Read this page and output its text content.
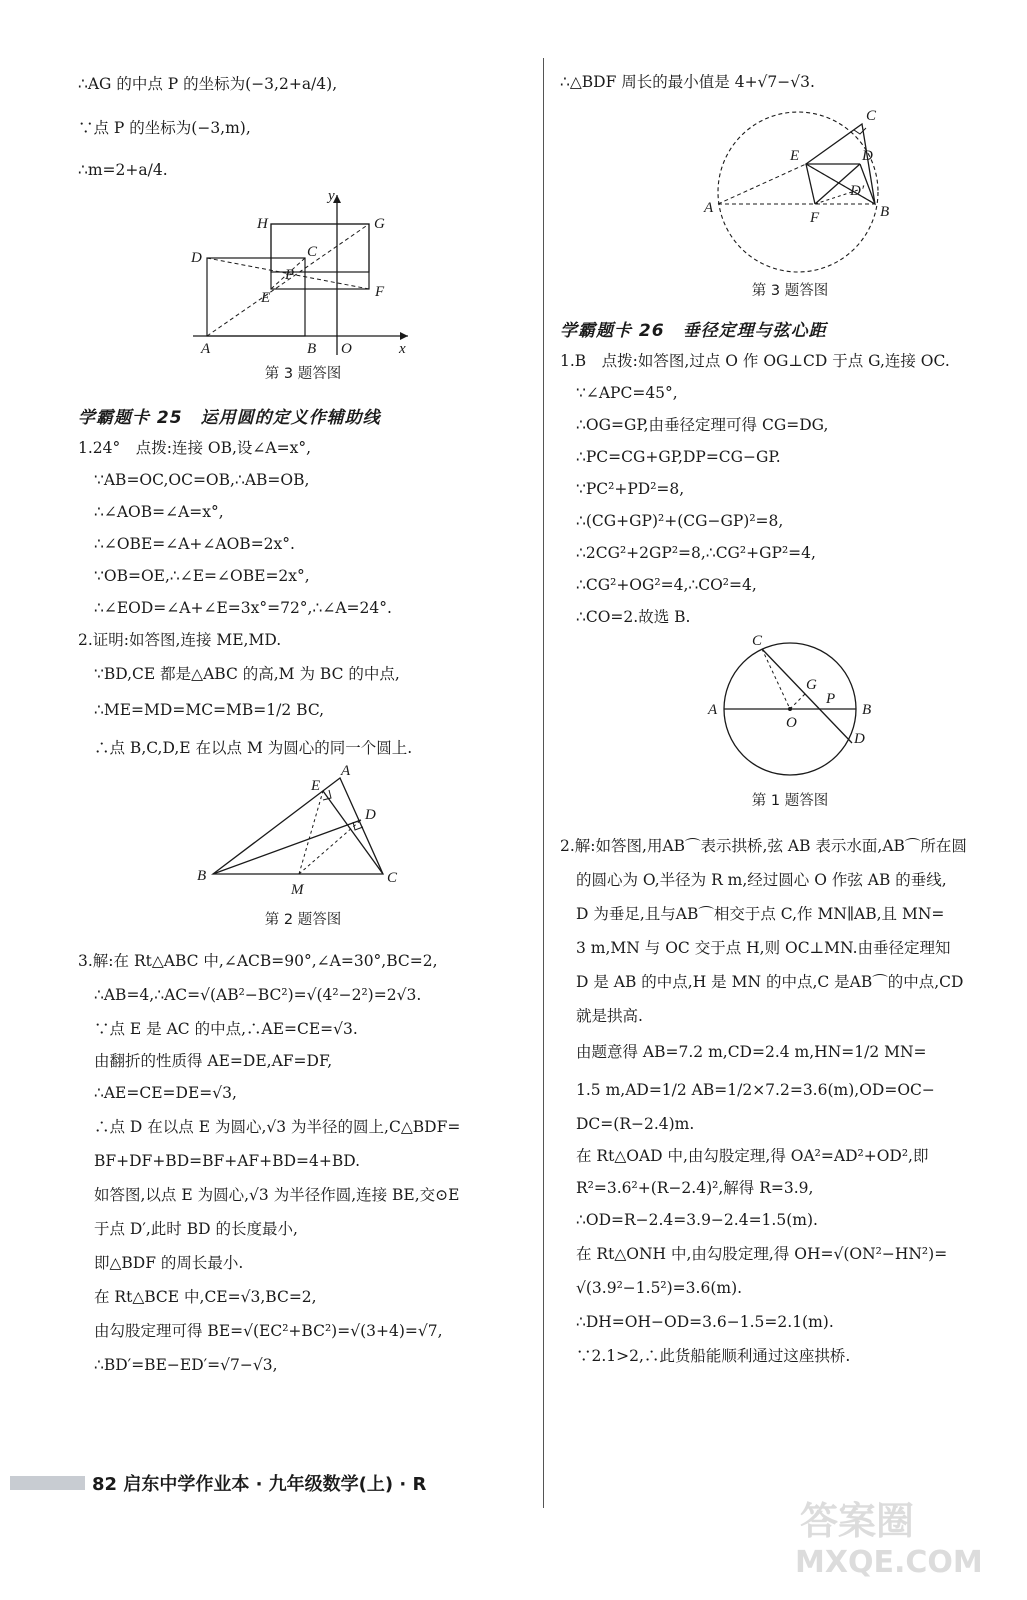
∴AG 的中点 P 的坐标为(−3,2+a/4),
∵点 P 的坐标为(−3,m),
∴m=2+a/4.
y
H	G
D	C
P
E	F
A	B O	x
第 3 题答图
学霸题卡 25　运用圆的定义作辅助线
1.24°　点拨:连接 OB,设∠A=x°,
∵AB=OC,OC=OB,∴AB=OB,
∴∠AOB=∠A=x°,
∴∠OBE=∠A+∠AOB=2x°.
∵OB=OE,∴∠E=∠OBE=2x°,
∴∠EOD=∠A+∠E=3x°=72°,∴∠A=24°.
2.证明:如答图,连接 ME,MD.
∵BD,CE 都是△ABC 的高,M 为 BC 的中点,
∴ME=MD=MC=MB=1/2 BC,
∴点 B,C,D,E 在以点 M 为圆心的同一个圆上.
A
E
D
B
M
C
第 2 题答图
3.解:在 Rt△ABC 中,∠ACB=90°,∠A=30°,BC=2,
∴AB=4,∴AC=√(AB²−BC²)=√(4²−2²)=2√3.
∵点 E 是 AC 的中点,∴AE=CE=√3.
由翻折的性质得 AE=DE,AF=DF,
∴AE=CE=DE=√3,
∴点 D 在以点 E 为圆心,√3 为半径的圆上,C△BDF=
BF+DF+BD=BF+AF+BD=4+BD.
如答图,以点 E 为圆心,√3 为半径作圆,连接 BE,交⊙E
于点 D′,此时 BD 的长度最小,
即△BDF 的周长最小.
在 Rt△BCE 中,CE=√3,BC=2,
由勾股定理可得 BE=√(EC²+BC²)=√(3+4)=√7,
∴BD′=BE−ED′=√7−√3,
∴△BDF 周长的最小值是 4+√7−√3.
C
E	D
D′
A
F	B
第 3 题答图
学霸题卡 26　垂径定理与弦心距
1.B　点拨:如答图,过点 O 作 OG⊥CD 于点 G,连接 OC.
∵∠APC=45°,
∴OG=GP,由垂径定理可得 CG=DG,
∴PC=CG+GP,DP=CG−GP.
∵PC²+PD²=8,
∴(CG+GP)²+(CG−GP)²=8,
∴2CG²+2GP²=8,∴CG²+GP²=4,
∴CG²+OG²=4,∴CO²=4,
∴CO=2.故选 B.
C
G
P
A
O
B
D
第 1 题答图
2.解:如答图,用AB⌒表示拱桥,弦 AB 表示水面,AB⌒所在圆
的圆心为 O,半径为 R m,经过圆心 O 作弦 AB 的垂线,
D 为垂足,且与AB⌒相交于点 C,作 MN∥AB,且 MN=
3 m,MN 与 OC 交于点 H,则 OC⊥MN.由垂径定理知
D 是 AB 的中点,H 是 MN 的中点,C 是AB⌒的中点,CD
就是拱高.
由题意得 AB=7.2 m,CD=2.4 m,HN=1/2 MN=
1.5 m,AD=1/2 AB=1/2×7.2=3.6(m),OD=OC−
DC=(R−2.4)m.
在 Rt△OAD 中,由勾股定理,得 OA²=AD²+OD²,即
R²=3.6²+(R−2.4)²,解得 R=3.9,
∴OD=R−2.4=3.9−2.4=1.5(m).
在 Rt△ONH 中,由勾股定理,得 OH=√(ON²−HN²)=
√(3.9²−1.5²)=3.6(m).
∴DH=OH−OD=3.6−1.5=2.1(m).
∵2.1>2,∴此货船能顺利通过这座拱桥.
82 启东中学作业本 · 九年级数学(上) · R
答案圈
MXQE.COM
